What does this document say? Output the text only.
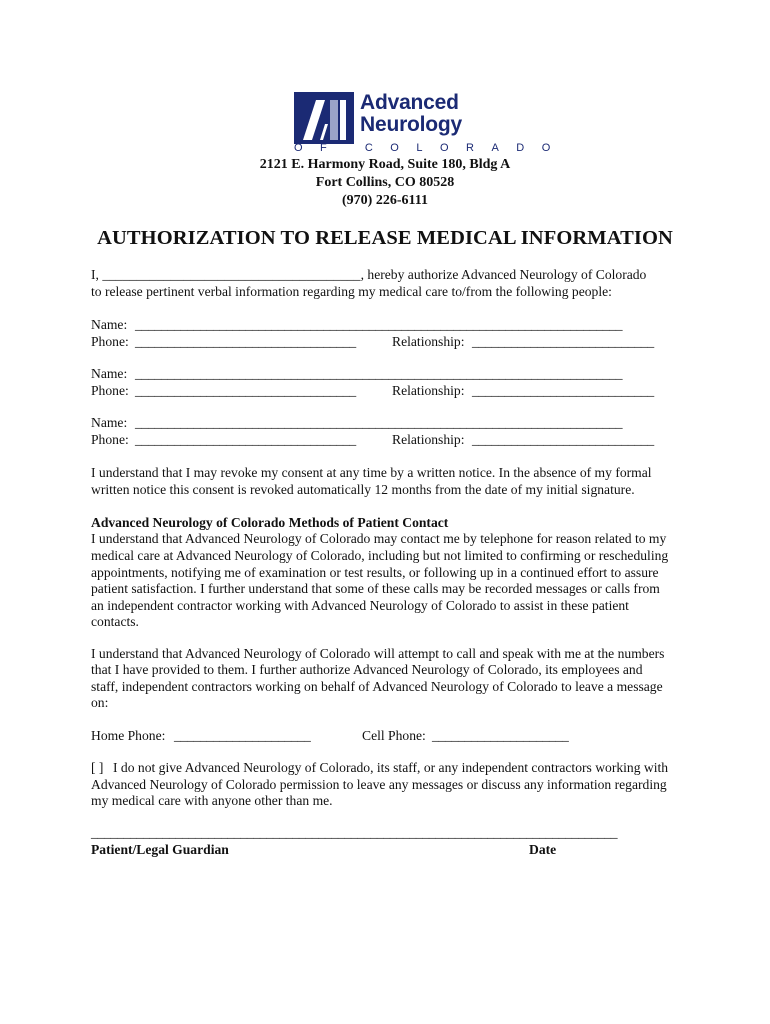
Advanced
Neurology
OF COLORADO
2121 E. Harmony Road, Suite 180, Bldg A
Fort Collins, CO 80528
(970) 226-6111
AUTHORIZATION TO RELEASE MEDICAL INFORMATION
I, ______________________________________, hereby authorize Advanced Neurology of Colorado
to release pertinent verbal information regarding my medical care to/from the following people:
Name: ___________________________________________________________________________
Phone: __________________________________	Relationship: ____________________________
Name: ___________________________________________________________________________
Phone: __________________________________	Relationship: ____________________________
Name: ___________________________________________________________________________
Phone: __________________________________	Relationship: ____________________________
I understand that I may revoke my consent at any time by a written notice. In the absence of my formal
written notice this consent is revoked automatically 12 months from the date of my initial signature.
Advanced Neurology of Colorado Methods of Patient Contact
I understand that Advanced Neurology of Colorado may contact me by telephone for reason related to my
medical care at Advanced Neurology of Colorado, including but not limited to confirming or rescheduling
appointments, notifying me of examination or test results, or following up in a continued effort to assure
patient satisfaction. I further understand that some of these calls may be recorded messages or calls from
an independent contractor working with Advanced Neurology of Colorado to assist in these patient
contacts.
I understand that Advanced Neurology of Colorado will attempt to call and speak with me at the numbers
that I have provided to them. I further authorize Advanced Neurology of Colorado, its employees and
staff, independent contractors working on behalf of Advanced Neurology of Colorado to leave a message
on:
Home Phone: _____________________	Cell Phone: _____________________
[ ] I do not give Advanced Neurology of Colorado, its staff, or any independent contractors working with
Advanced Neurology of Colorado permission to leave any messages or discuss any information regarding
my medical care with anyone other than me.
_________________________________________________________________________________
Patient/Legal Guardian	Date
